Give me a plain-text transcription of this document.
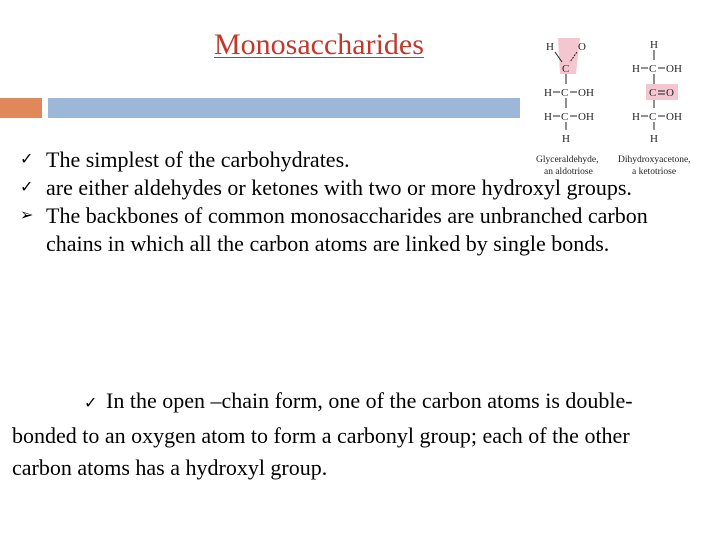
Monosaccharides	H O
C
H C OH
H C OH
H
Glyceraldehyde,
an aldotriose
H
H C OH
C O
H C OH
H
Dihydroxyacetone,
a ketotriose
✓ The simplest of the carbohydrates.
✓ are either aldehydes or ketones with two or more hydroxyl groups.
➢ The backbones of common monosaccharides are unbranched carbon chains in which all the carbon atoms are linked by single bonds.
✓ In the open –chain form, one of the carbon atoms is double-bonded to an oxygen atom to form a carbonyl group; each of the other carbon atoms has a hydroxyl group.
